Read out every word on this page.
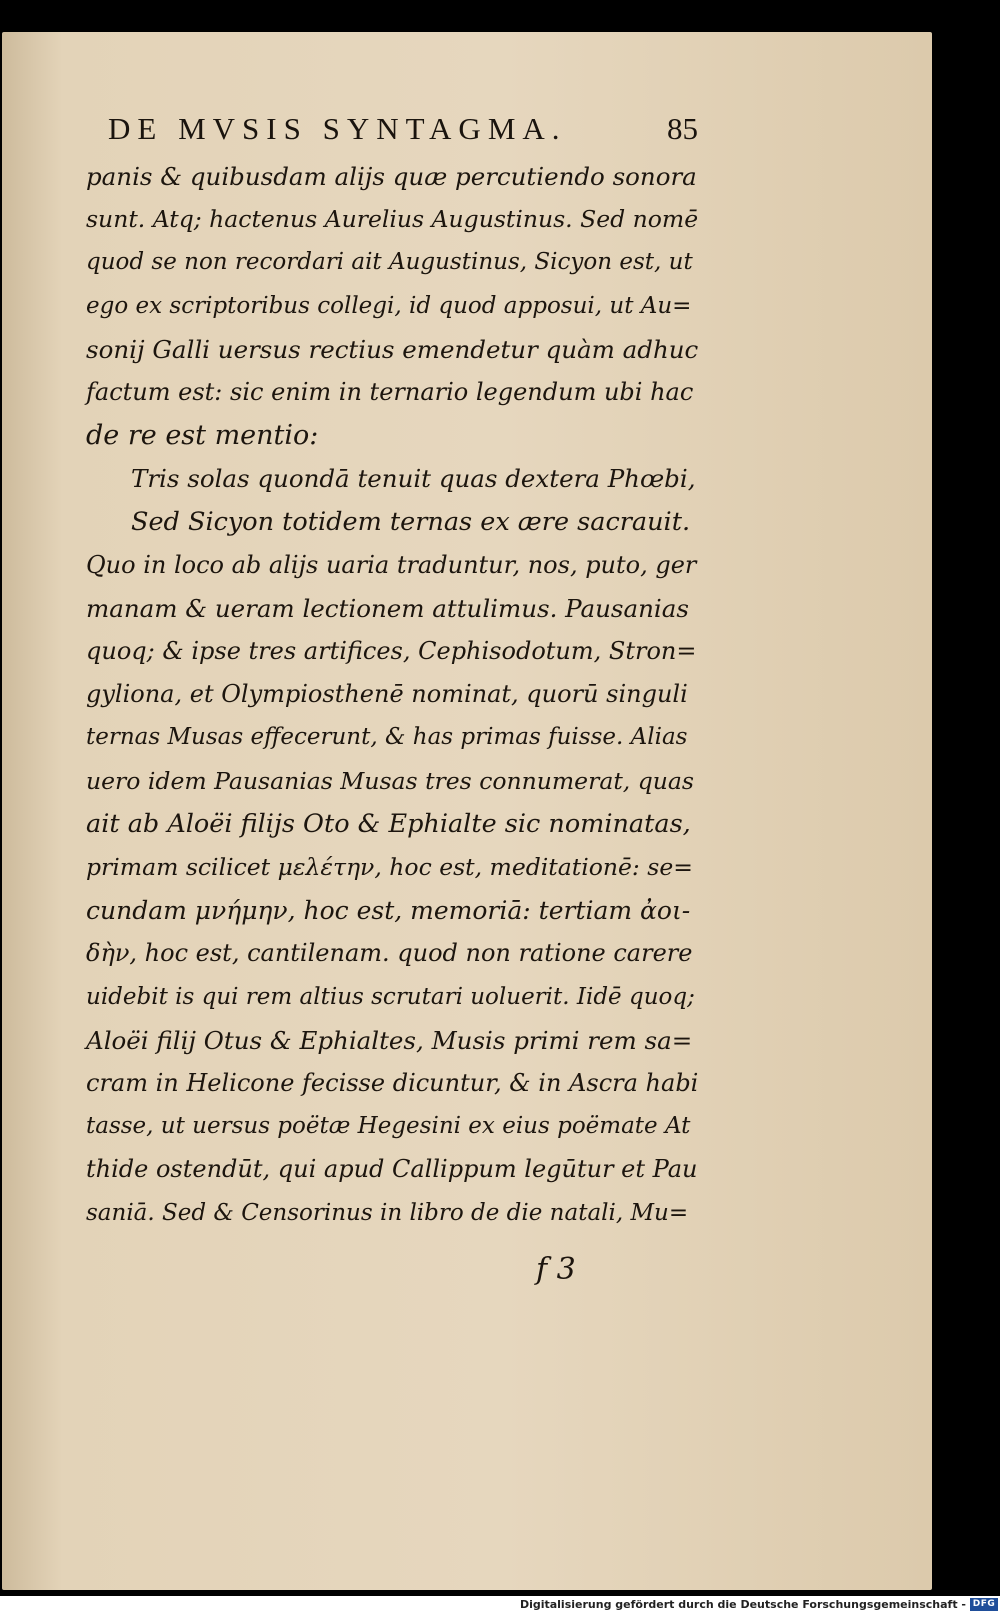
DE MVSIS SYNTAGMA.	85
panis & quibusdam alijs quæ percutiendo sonora
sunt. Atq; hactenus Aurelius Augustinus. Sed nomē
quod se non recordari ait Augustinus, Sicyon est, ut
ego ex scriptoribus collegi, id quod apposui, ut Au=
sonij Galli uersus rectius emendetur quàm adhuc
factum est: sic enim in ternario legendum ubi hac
de re est mentio:
Tris solas quondā tenuit quas dextera Phœbi,
Sed Sicyon totidem ternas ex ære sacrauit.
Quo in loco ab alijs uaria traduntur, nos, puto, ger
manam & ueram lectionem attulimus. Pausanias
quoq; & ipse tres artifices, Cephisodotum, Stron=
gyliona, et Olympiosthenē nominat, quorū singuli
ternas Musas effecerunt, & has primas fuisse. Alias
uero idem Pausanias Musas tres connumerat, quas
ait ab Aloëi filijs Oto & Ephialte sic nominatas,
primam scilicet μελέτην, hoc est, meditationē: se=
cundam μνήμην, hoc est, memoriā: tertiam ἀοι-
δὴν, hoc est, cantilenam. quod non ratione carere
uidebit is qui rem altius scrutari uoluerit. Iidē quoq;
Aloëi filij Otus & Ephialtes, Musis primi rem sa=
cram in Helicone fecisse dicuntur, & in Ascra habi
tasse, ut uersus poëtæ Hegesini ex eius poëmate At
thide ostendūt, qui apud Callippum legūtur et Pau
saniā. Sed & Censorinus in libro de die natali, Mu=
f 3
Digitalisierung gefördert durch die Deutsche Forschungsgemeinschaft - DFG
